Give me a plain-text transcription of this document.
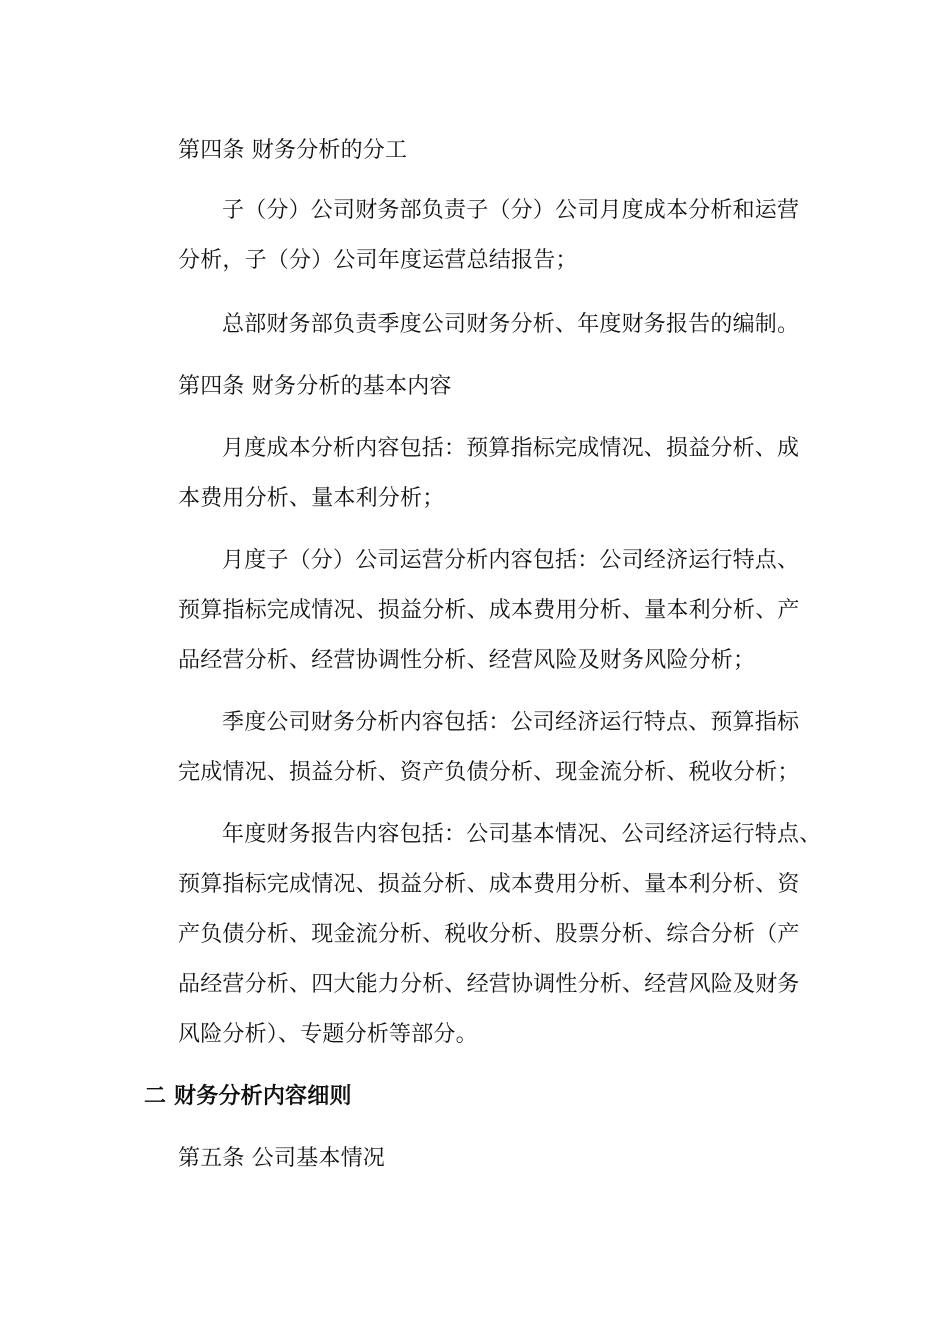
第四条 财务分析的分工
子（分）公司财务部负责子（分）公司月度成本分析和运营
分析，子（分）公司年度运营总结报告；
总部财务部负责季度公司财务分析、年度财务报告的编制。
第四条 财务分析的基本内容
月度成本分析内容包括：预算指标完成情况、损益分析、成
本费用分析、量本利分析；
月度子（分）公司运营分析内容包括：公司经济运行特点、
预算指标完成情况、损益分析、成本费用分析、量本利分析、产
品经营分析、经营协调性分析、经营风险及财务风险分析；
季度公司财务分析内容包括：公司经济运行特点、预算指标
完成情况、损益分析、资产负债分析、现金流分析、税收分析；
年度财务报告内容包括：公司基本情况、公司经济运行特点、
预算指标完成情况、损益分析、成本费用分析、量本利分析、资
产负债分析、现金流分析、税收分析、股票分析、综合分析（产
品经营分析、四大能力分析、经营协调性分析、经营风险及财务
风险分析）、专题分析等部分。
二 财务分析内容细则
第五条 公司基本情况
